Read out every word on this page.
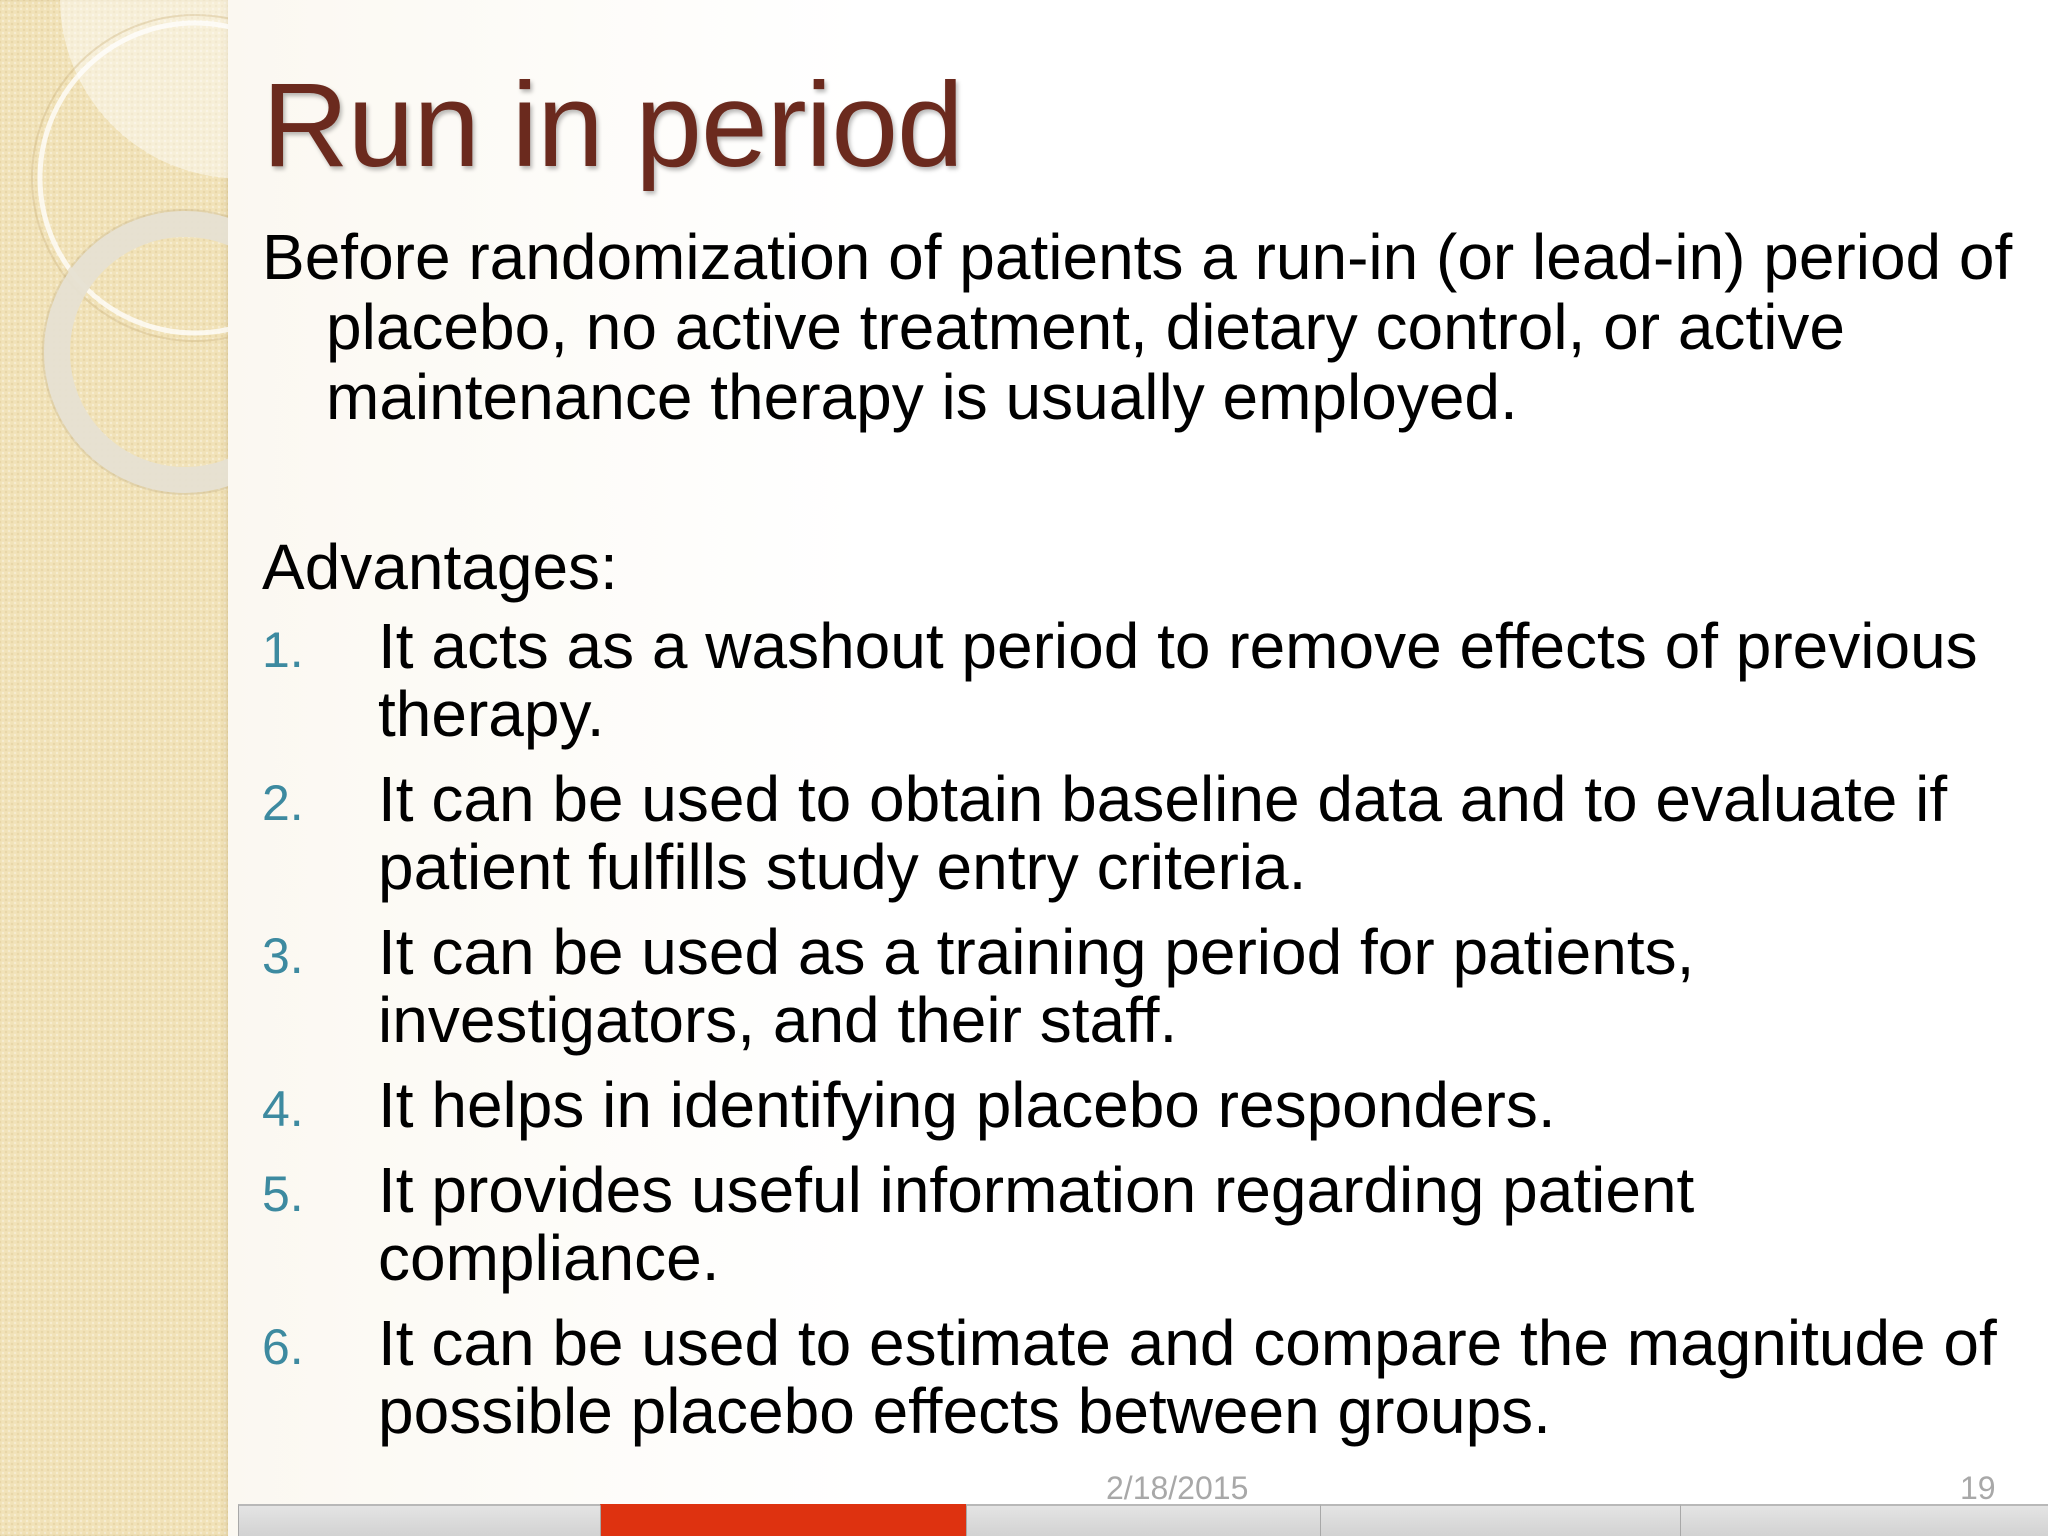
Run in period

Before randomization of patients a run-in (or lead-in) period of placebo, no active treatment, dietary control, or active maintenance therapy is usually employed.

Advantages:

1. It acts as a washout period to remove effects of previous therapy.
2. It can be used to obtain baseline data and to evaluate if patient fulfills study entry criteria.
3. It can be used as a training period for patients, investigators, and their staff.
4. It helps in identifying placebo responders.
5. It provides useful information regarding patient compliance.
6. It can be used to estimate and compare the magnitude of possible placebo effects between groups.
2/18/2015	19
